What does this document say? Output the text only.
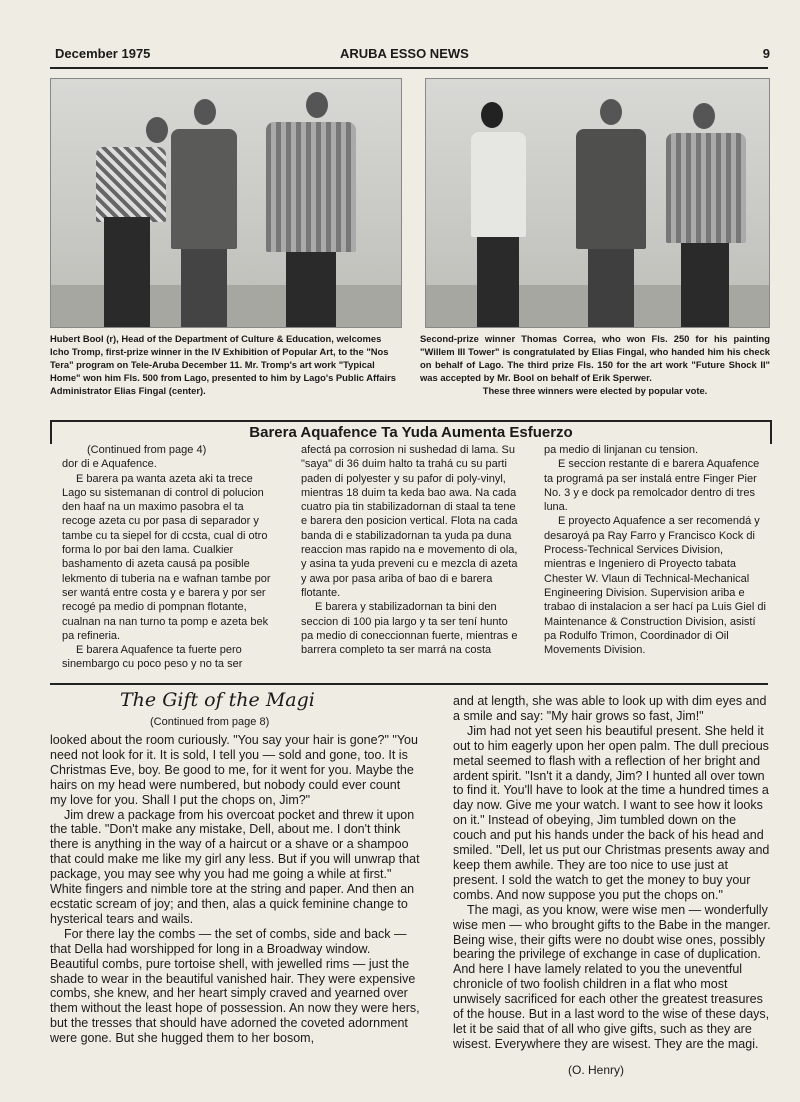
December 1975	ARUBA ESSO NEWS	9
Hubert Bool (r), Head of the Department of Culture & Education, welcomes Icho Tromp, first-prize winner in the IV Exhibition of Popular Art, to the "Nos Tera" program on Tele-Aruba December 11. Mr. Tromp's art work "Typical Home" won him Fls. 500 from Lago, presented to him by Lago's Public Affairs Administrator Elias Fingal (center).
Second-prize winner Thomas Correa, who won Fls. 250 for his painting "Willem III Tower" is congratulated by Elias Fingal, who handed him his check on behalf of Lago. The third prize Fls. 150 for the art work "Future Shock II" was accepted by Mr. Bool on behalf of Erik Sperwer.
These three winners were elected by popular vote.
Barera Aquafence Ta Yuda Aumenta Esfuerzo

(Continued from page 4)

dor di e Aquafence.

E barera pa wanta azeta aki ta trece Lago su sistemanan di control di polucion den haaf na un maximo pasobra el ta recoge azeta cu por pasa di separador y tambe cu ta siepel for di ccsta, cual di otro forma lo por bai den lama. Cualkier bashamento di azeta causá pa posible lekmento di tuberia na e wafnan tambe por ser wantá entre costa y e barera y por ser recogé pa medio di pompnan flotante, cualnan na nan turno ta pomp e azeta bek pa refineria.

E barera Aquafence ta fuerte pero sinembargo cu poco peso y no ta ser

afectá pa corrosion ni sushedad di lama. Su "saya" di 36 duim halto ta trahá cu su parti paden di polyester y su pafor di poly-vinyl, mientras 18 duim ta keda bao awa. Na cada cuatro pia tin stabilizadornan di staal ta tene e barera den posicion vertical. Flota na cada banda di e stabilizadornan ta yuda pa duna reaccion mas rapido na e movemento di ola, y asina ta yuda preveni cu e mezcla di azeta y awa por pasa ariba of bao di e barera flotante.

E barera y stabilizadornan ta bini den seccion di 100 pia largo y ta ser tení hunto pa medio di coneccionnan fuerte, mientras e barrera completo ta ser marrá na costa

pa medio di linjanan cu tension.

E seccion restante di e barera Aquafence ta programá pa ser instalá entre Finger Pier No. 3 y e dock pa remolcador dentro di tres luna.

E proyecto Aquafence a ser recomendá y desaroyá pa Ray Farro y Francisco Kock di Process-Technical Services Division, mientras e Ingeniero di Proyecto tabata Chester W. Vlaun di Technical-Mechanical Engineering Division. Supervision ariba e trabao di instalacion a ser hací pa Luis Giel di Maintenance & Construction Division, asistí pa Rodulfo Trimon, Coordinador di Oil Movements Division.

The Gift of the Magi
(Continued from page 8)

looked about the room curiously. "You say your hair is gone?" "You need not look for it. It is sold, I tell you — sold and gone, too. It is Christmas Eve, boy. Be good to me, for it went for you. Maybe the hairs on my head were numbered, but nobody could ever count my love for you. Shall I put the chops on, Jim?"

Jim drew a package from his overcoat pocket and threw it upon the table. "Don't make any mistake, Dell, about me. I don't think there is anything in the way of a haircut or a shave or a shampoo that could make me like my girl any less. But if you will unwrap that package, you may see why you had me going a while at first." White fingers and nimble tore at the string and paper. And then an ecstatic scream of joy; and then, alas a quick feminine change to hysterical tears and wails.

For there lay the combs — the set of combs, side and back — that Della had worshipped for long in a Broadway window. Beautiful combs, pure tortoise shell, with jewelled rims — just the shade to wear in the beautiful vanished hair. They were expensive combs, she knew, and her heart simply craved and yearned over them without the least hope of possession. An now they were hers, but the tresses that should have adorned the coveted adornment were gone. But she hugged them to her bosom,

and at length, she was able to look up with dim eyes and a smile and say: "My hair grows so fast, Jim!"

Jim had not yet seen his beautiful present. She held it out to him eagerly upon her open palm. The dull precious metal seemed to flash with a reflection of her bright and ardent spirit. "Isn't it a dandy, Jim? I hunted all over town to find it. You'll have to look at the time a hundred times a day now. Give me your watch. I want to see how it looks on it." Instead of obeying, Jim tumbled down on the couch and put his hands under the back of his head and smiled. "Dell, let us put our Christmas presents away and keep them awhile. They are too nice to use just at present. I sold the watch to get the money to buy your combs. And now suppose you put the chops on."

The magi, as you know, were wise men — wonderfully wise men — who brought gifts to the Babe in the manger. Being wise, their gifts were no doubt wise ones, possibly bearing the privilege of exchange in case of duplication. And here I have lamely related to you the uneventful chronicle of two foolish children in a flat who most unwisely sacrificed for each other the greatest treasures of the house. But in a last word to the wise of these days, let it be said that of all who give gifts, such as they are wisest. Everywhere they are wisest. They are the magi.

(O. Henry)
